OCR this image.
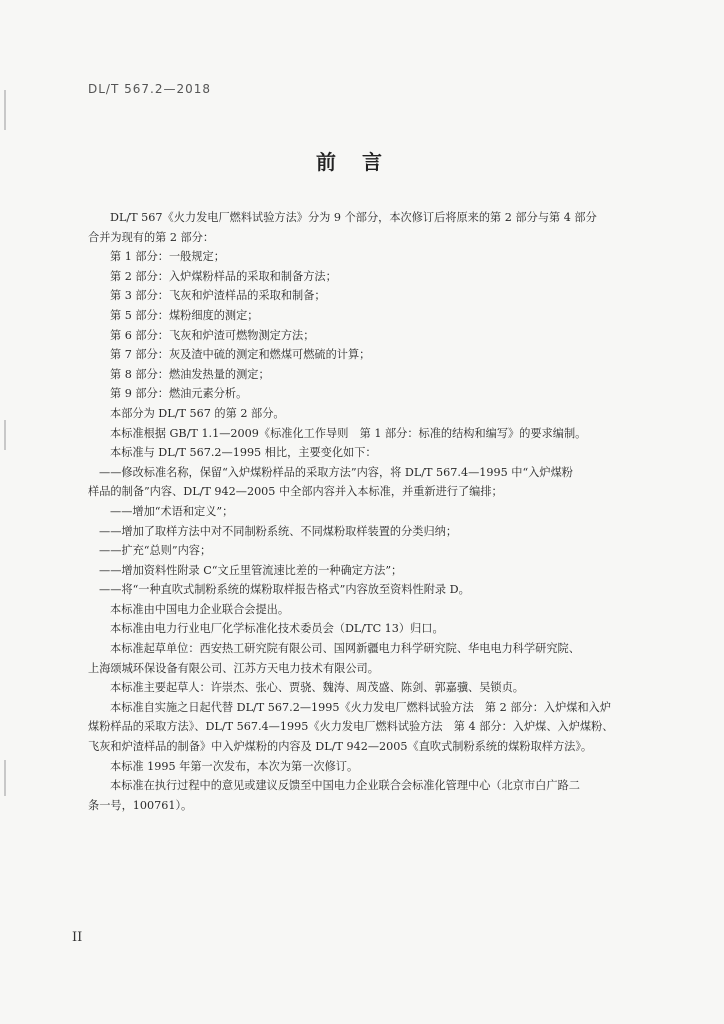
DL/T 567.2—2018
前言

DL/T 567《火力发电厂燃料试验方法》分为 9 个部分，本次修订后将原来的第 2 部分与第 4 部分

合并为现有的第 2 部分：

第 1 部分：一般规定；

第 2 部分：入炉煤粉样品的采取和制备方法；

第 3 部分：飞灰和炉渣样品的采取和制备；

第 5 部分：煤粉细度的测定；

第 6 部分：飞灰和炉渣可燃物测定方法；

第 7 部分：灰及渣中硫的测定和燃煤可燃硫的计算；

第 8 部分：燃油发热量的测定；

第 9 部分：燃油元素分析。

本部分为 DL/T 567 的第 2 部分。

本标准根据 GB/T 1.1—2009《标准化工作导则　第 1 部分：标准的结构和编写》的要求编制。

本标准与 DL/T 567.2—1995 相比，主要变化如下：

——修改标准名称，保留“入炉煤粉样品的采取方法”内容，将 DL/T 567.4—1995 中“入炉煤粉

样品的制备”内容、DL/T 942—2005 中全部内容并入本标准，并重新进行了编排；

——增加“术语和定义”；

——增加了取样方法中对不同制粉系统、不同煤粉取样装置的分类归纳；

——扩充“总则”内容；

——增加资料性附录 C“文丘里管流速比差的一种确定方法”；

——将“一种直吹式制粉系统的煤粉取样报告格式”内容放至资料性附录 D。

本标准由中国电力企业联合会提出。

本标准由电力行业电厂化学标准化技术委员会（DL/TC 13）归口。

本标准起草单位：西安热工研究院有限公司、国网新疆电力科学研究院、华电电力科学研究院、

上海颂城环保设备有限公司、江苏方天电力技术有限公司。

本标准主要起草人：许崇杰、张心、贾骁、魏涛、周茂盛、陈剑、郭嘉骥、吴锁贞。

本标准自实施之日起代替 DL/T 567.2—1995《火力发电厂燃料试验方法　第 2 部分：入炉煤和入炉

煤粉样品的采取方法》、DL/T 567.4—1995《火力发电厂燃料试验方法　第 4 部分：入炉煤、入炉煤粉、

飞灰和炉渣样品的制备》中入炉煤粉的内容及 DL/T 942—2005《直吹式制粉系统的煤粉取样方法》。

本标准 1995 年第一次发布，本次为第一次修订。

本标准在执行过程中的意见或建议反馈至中国电力企业联合会标准化管理中心（北京市白广路二

条一号，100761）。

II
